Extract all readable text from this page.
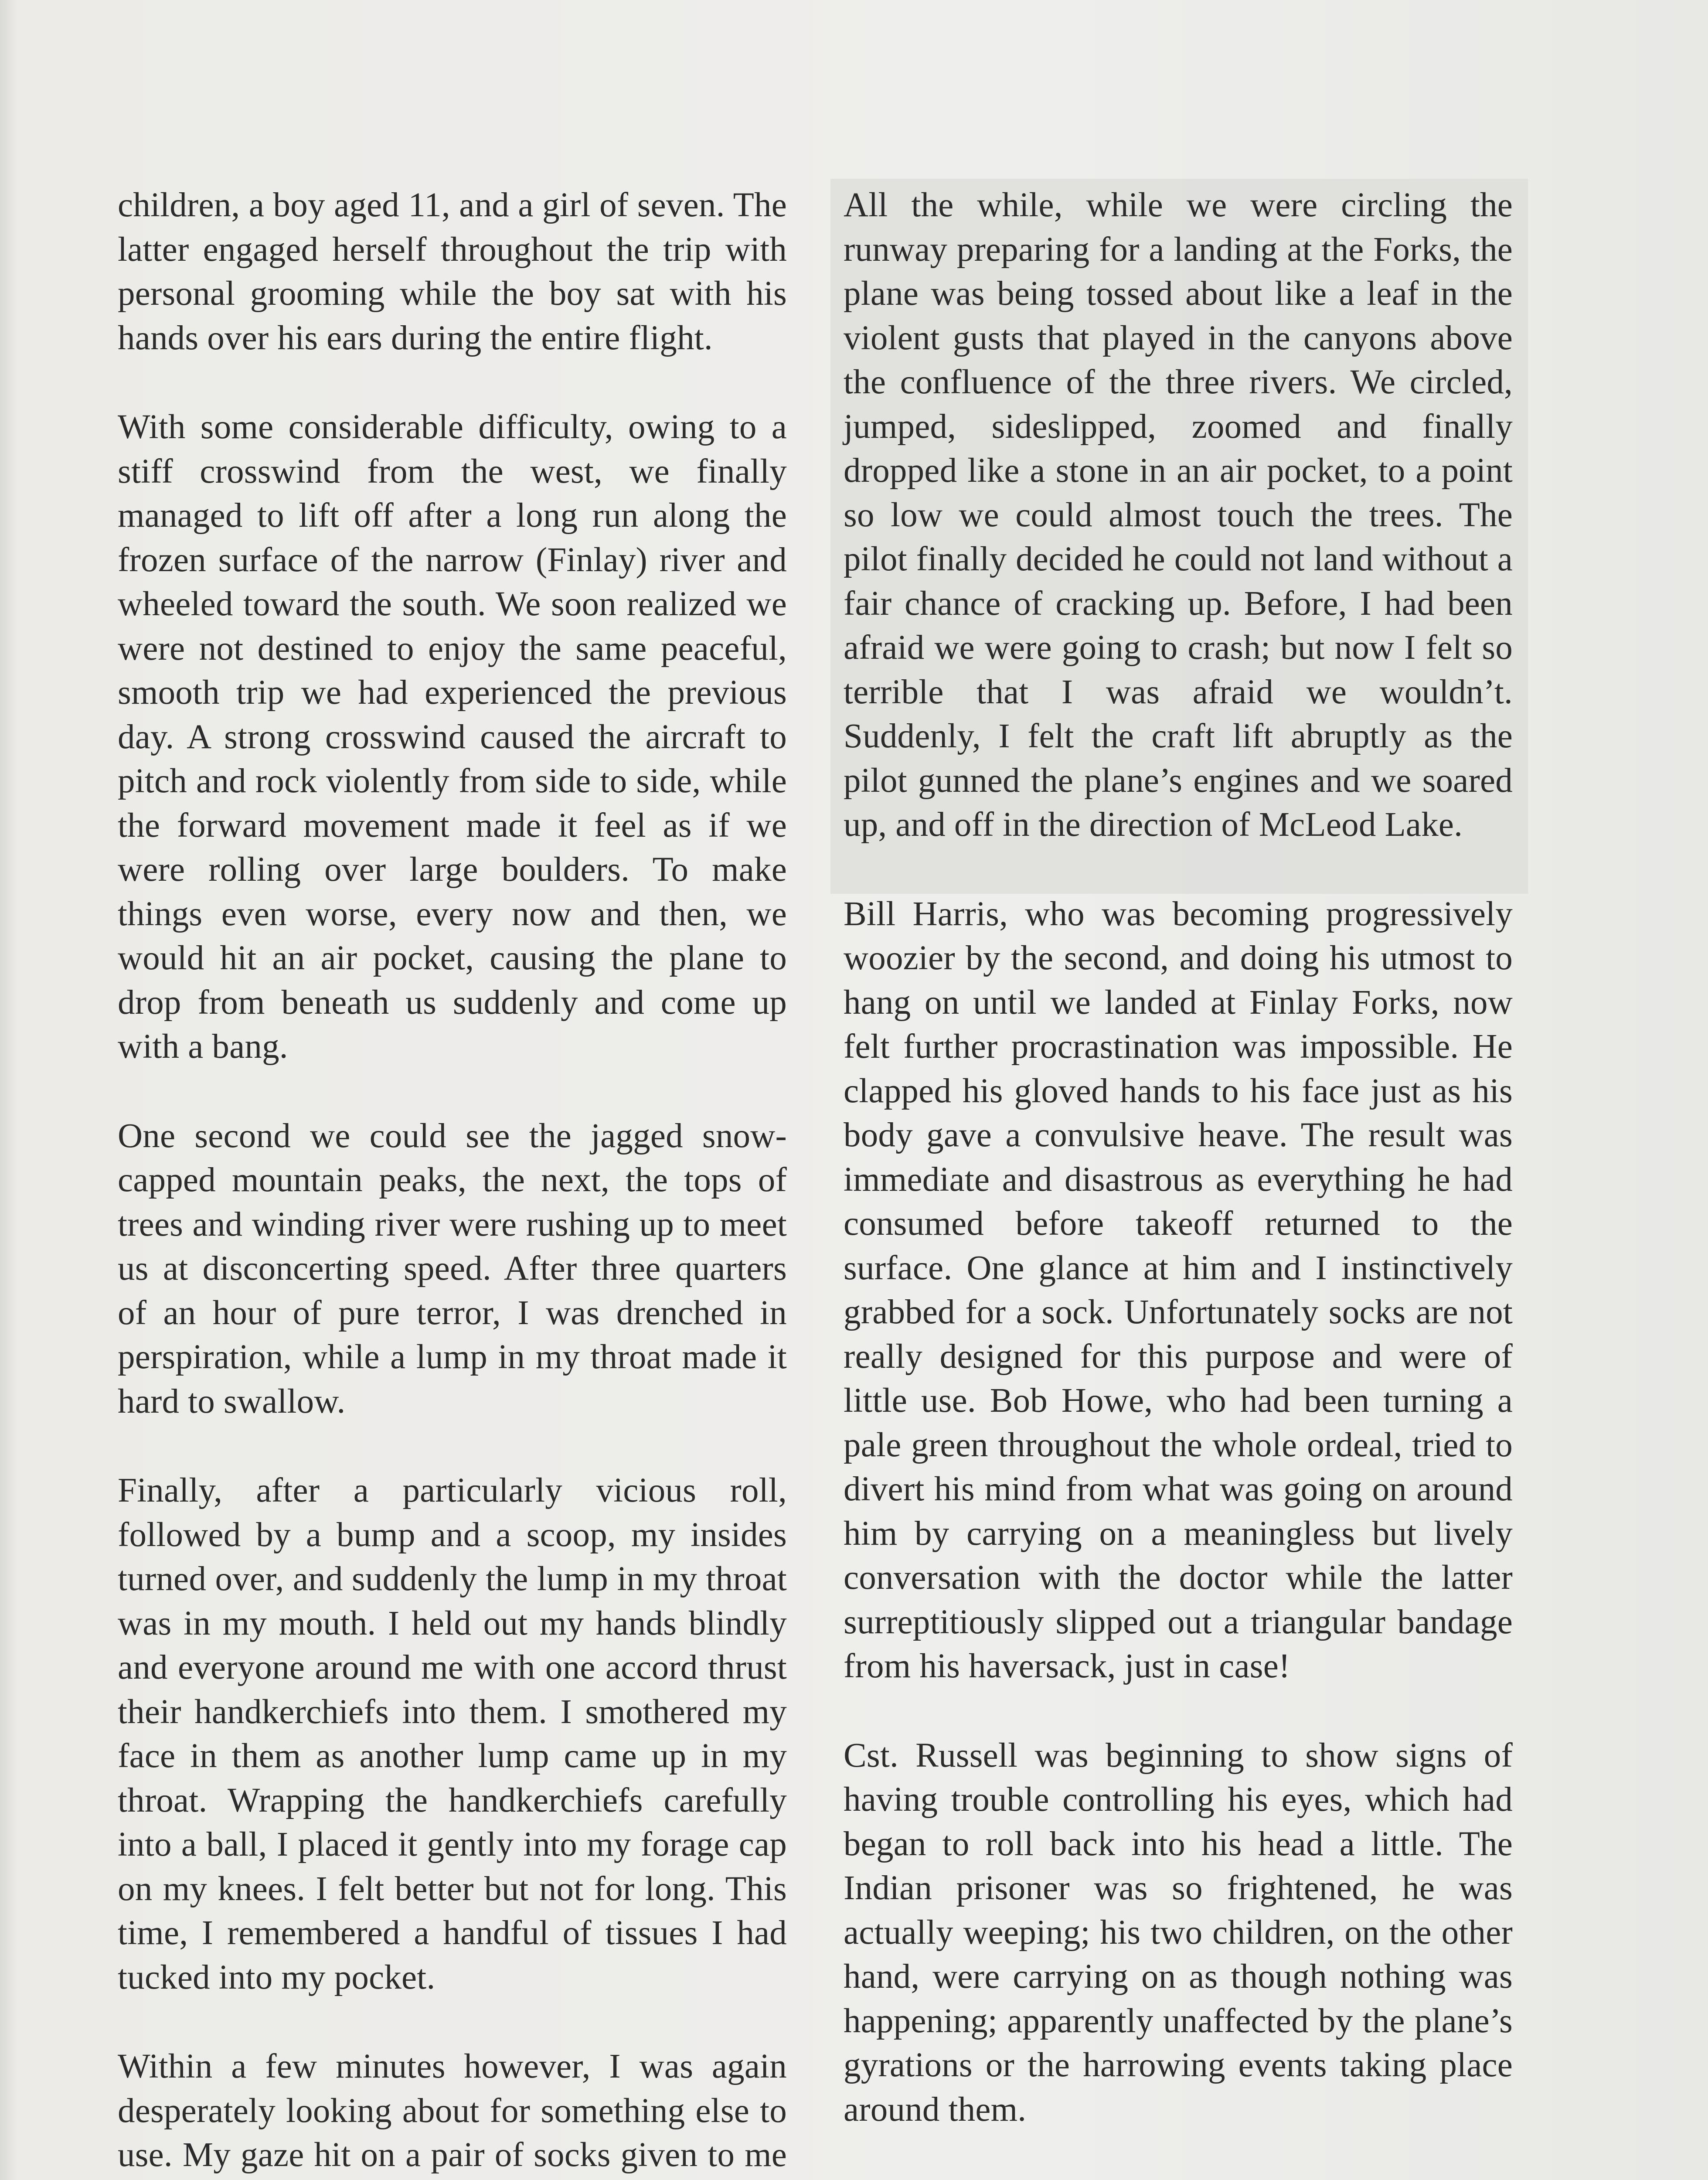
children, a boy aged 11, and a girl of seven. The latter engaged herself throughout the trip with personal grooming while the boy sat with his hands over his ears during the entire flight.

With some considerable difficulty, owing to a stiff crosswind from the west, we finally managed to lift off after a long run along the frozen surface of the narrow (Finlay) river and wheeled toward the south. We soon realized we were not destined to enjoy the same peaceful, smooth trip we had experienced the previous day. A strong crosswind caused the aircraft to pitch and rock violently from side to side, while the forward movement made it feel as if we were rolling over large boulders. To make things even worse, every now and then, we would hit an air pocket, causing the plane to drop from beneath us suddenly and come up with a bang.

One second we could see the jagged snow-capped mountain peaks, the next, the tops of trees and winding river were rushing up to meet us at disconcerting speed. After three quarters of an hour of pure terror, I was drenched in perspiration, while a lump in my throat made it hard to swallow.

Finally, after a particularly vicious roll, followed by a bump and a scoop, my insides turned over, and suddenly the lump in my throat was in my mouth. I held out my hands blindly and everyone around me with one accord thrust their handkerchiefs into them. I smothered my face in them as another lump came up in my throat. Wrapping the handkerchiefs carefully into a ball, I placed it gently into my forage cap on my knees. I felt better but not for long. This time, I remembered a handful of tissues I had tucked into my pocket.

Within a few minutes however, I was again desperately looking about for something else to use. My gaze hit on a pair of socks given to me

All the while, while we were circling the runway preparing for a landing at the Forks, the plane was being tossed about like a leaf in the violent gusts that played in the canyons above the confluence of the three rivers. We circled, jumped, sideslipped, zoomed and finally dropped like a stone in an air pocket, to a point so low we could almost touch the trees. The pilot finally decided he could not land without a fair chance of cracking up. Before, I had been afraid we were going to crash; but now I felt so terrible that I was afraid we wouldn’t. Suddenly, I felt the craft lift abruptly as the pilot gunned the plane’s engines and we soared up, and off in the direction of McLeod Lake.

Bill Harris, who was becoming progressively woozier by the second, and doing his utmost to hang on until we landed at Finlay Forks, now felt further procrastination was impossible. He clapped his gloved hands to his face just as his body gave a convulsive heave. The result was immediate and disastrous as everything he had consumed before takeoff returned to the surface. One glance at him and I instinctively grabbed for a sock. Unfortunately socks are not really designed for this purpose and were of little use. Bob Howe, who had been turning a pale green throughout the whole ordeal, tried to divert his mind from what was going on around him by carrying on a meaningless but lively conversation with the doctor while the latter surreptitiously slipped out a triangular bandage from his haversack, just in case!

Cst. Russell was beginning to show signs of having trouble controlling his eyes, which had began to roll back into his head a little. The Indian prisoner was so frightened, he was actually weeping; his two children, on the other hand, were carrying on as though nothing was happening; apparently unaffected by the plane’s gyrations or the harrowing events taking place around them.
